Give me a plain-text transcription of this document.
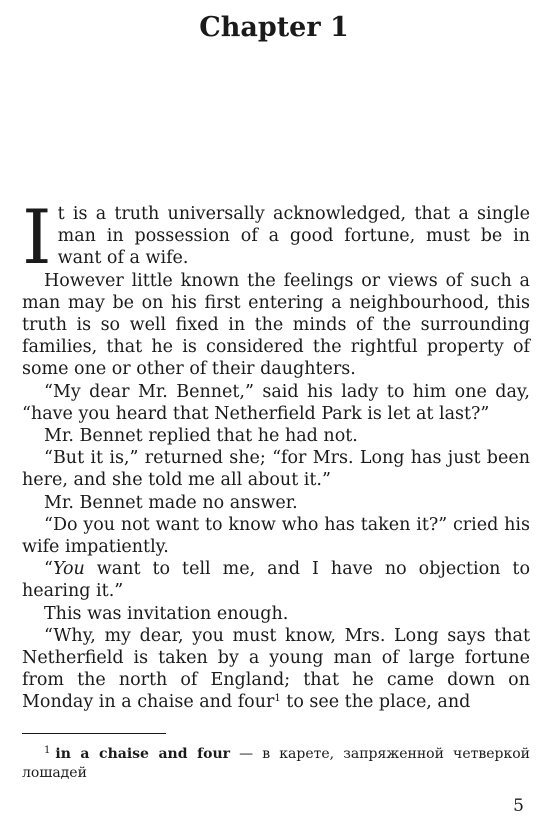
Chapter 1

It is a truth universally acknowledged, that a single man in possession of a good fortune, must be in want of a wife.

However little known the feelings or views of such a man may be on his first entering a neighbourhood, this truth is so well fixed in the minds of the surrounding families, that he is considered the rightful property of some one or other of their daughters.

“My dear Mr. Bennet,” said his lady to him one day, “have you heard that Netherfield Park is let at last?”

Mr. Bennet replied that he had not.

“But it is,” returned she; “for Mrs. Long has just been here, and she told me all about it.”

Mr. Bennet made no answer.

“Do you not want to know who has taken it?” cried his wife impatiently.

“You want to tell me, and I have no objection to hearing it.”

This was invitation enough.

“Why, my dear, you must know, Mrs. Long says that Netherfield is taken by a young man of large fortune from the north of England; that he came down on Monday in a chaise and four$^1$ to see the place, and

$^1$ in a chaise and four — в карете, запряженной четверкой лошадей
5
